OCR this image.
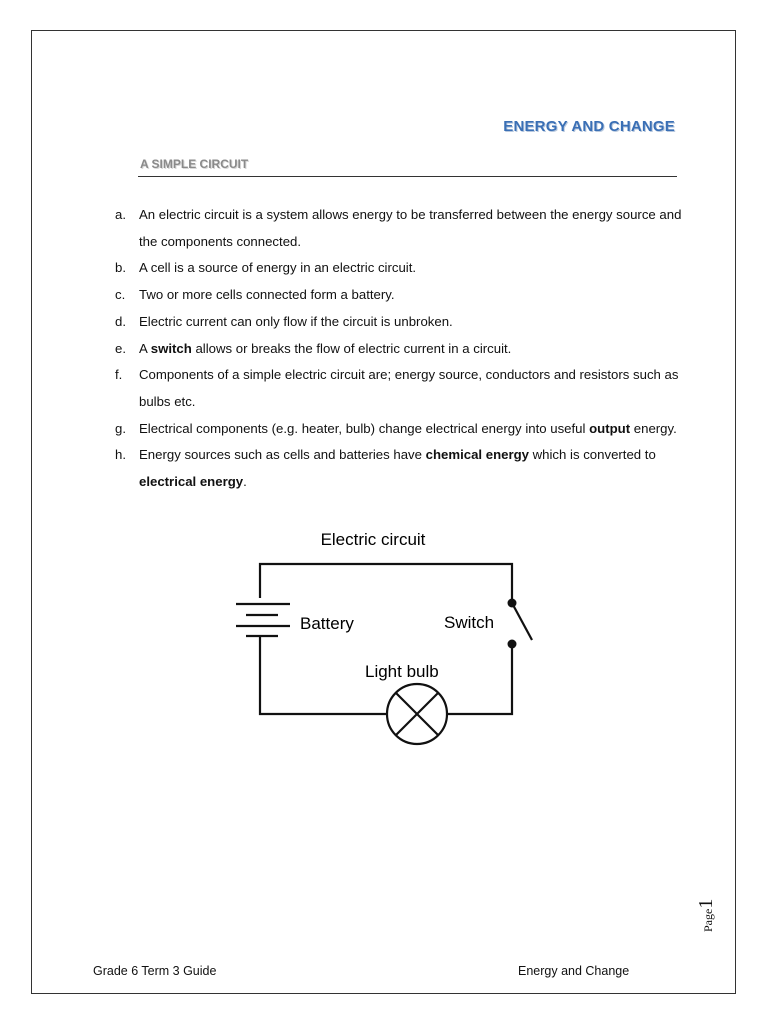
ENERGY AND CHANGE
A SIMPLE CIRCUIT
a. An electric circuit is a system allows energy to be transferred between the energy source and the components connected.
b. A cell is a source of energy in an electric circuit.
c. Two or more cells connected form a battery.
d. Electric current can only flow if the circuit is unbroken.
e. A switch allows or breaks the flow of electric current in a circuit.
f. Components of a simple electric circuit are; energy source, conductors and resistors such as bulbs etc.
g. Electrical components (e.g. heater, bulb) change electrical energy into useful output energy.
h. Energy sources such as cells and batteries have chemical energy which is converted to electrical energy.
Electric circuit
Battery	Switch
Light bulb
Page1
Grade 6 Term 3 Guide	Energy and Change
